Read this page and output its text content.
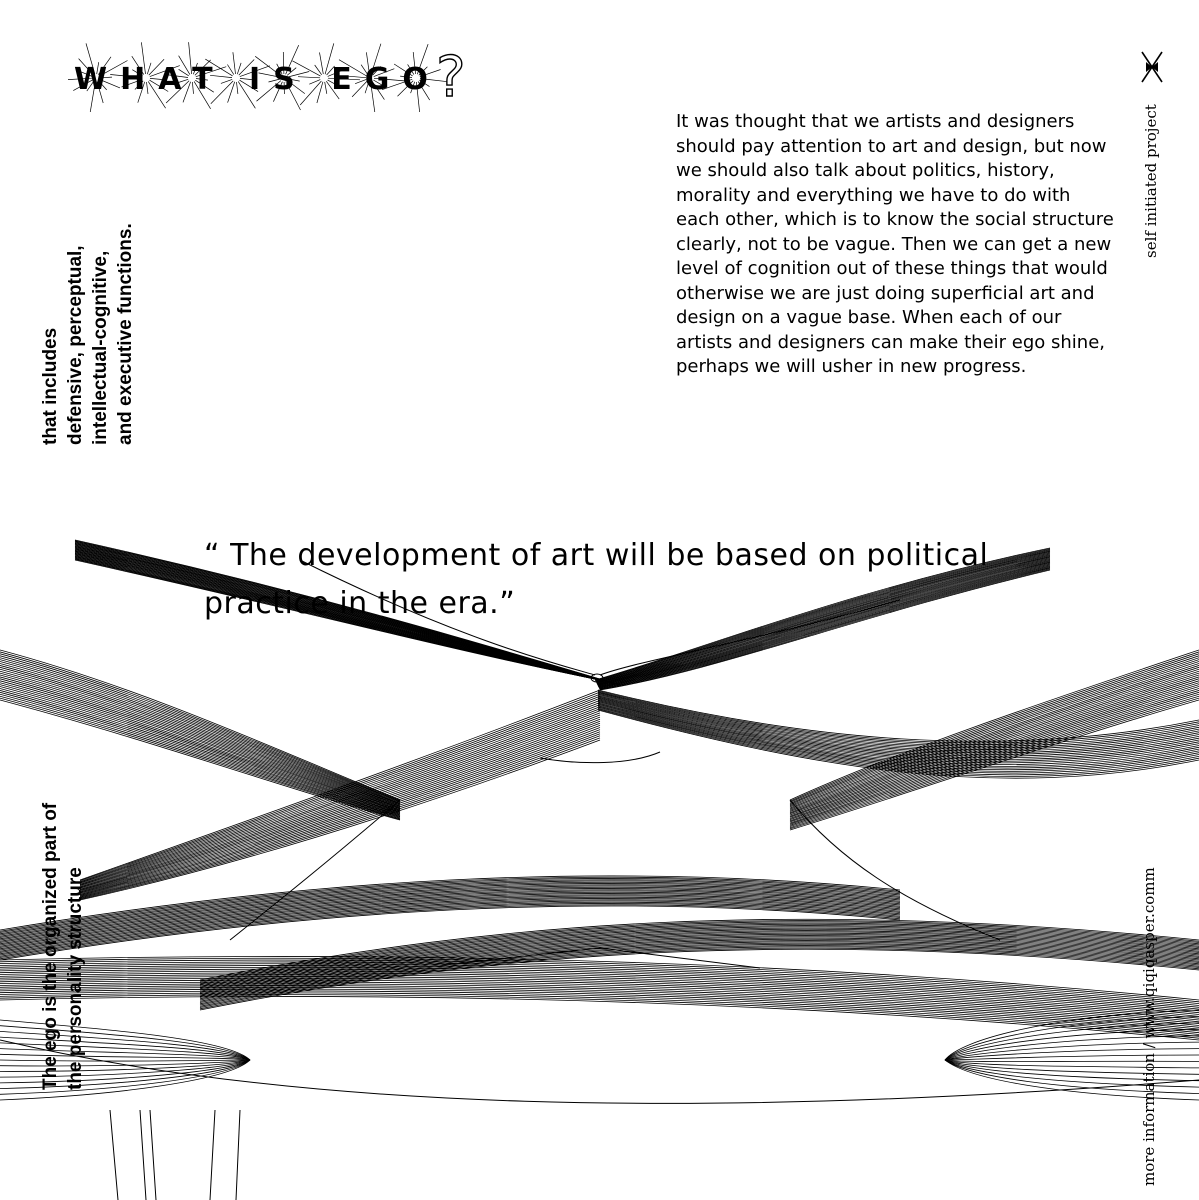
WHAT IS EGO
?

It was thought that we artists and designers should pay attention to art and design, but now we should also talk about politics, history, morality and everything we have to do with each other, which is to know the social structure clearly, not to be vague. Then we can get a new level of cognition out of these things that would otherwise we are just doing superficial art and design on a vague base. When each of our artists and designers can make their ego shine, perhaps we will usher in new progress.

“ The development of art will be based on political practice in the era.”

that includes defensive, perceptual, intellectual-cognitive, and executive functions.
The ego is the organized part of the personality structure
self initiated project
more information / www.qiqiqasper.comm
